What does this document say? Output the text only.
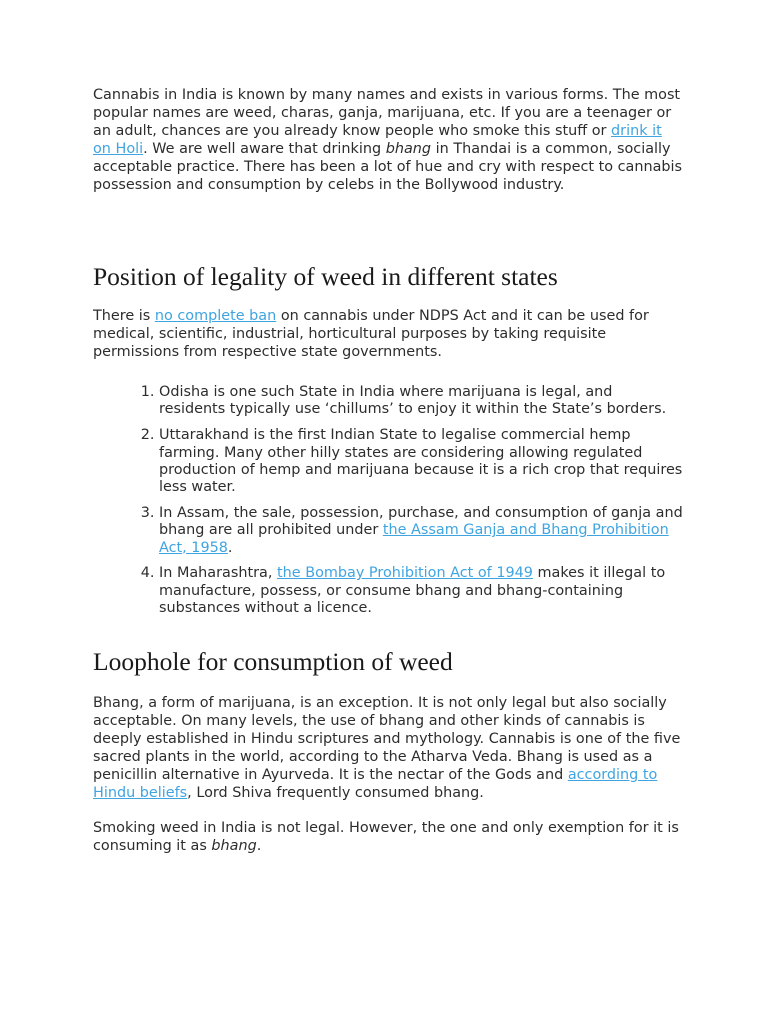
Cannabis in India is known by many names and exists in various forms. The most popular names are weed, charas, ganja, marijuana, etc. If you are a teenager or an adult, chances are you already know people who smoke this stuff or drink it on Holi. We are well aware that drinking bhang in Thandai is a common, socially acceptable practice. There has been a lot of hue and cry with respect to cannabis possession and consumption by celebs in the Bollywood industry.

Position of legality of weed in different states

There is no complete ban on cannabis under NDPS Act and it can be used for medical, scientific, industrial, horticultural purposes by taking requisite permissions from respective state governments.

1. Odisha is one such State in India where marijuana is legal, and residents typically use ‘chillums’ to enjoy it within the State’s borders.
2. Uttarakhand is the first Indian State to legalise commercial hemp farming. Many other hilly states are considering allowing regulated production of hemp and marijuana because it is a rich crop that requires less water.
3. In Assam, the sale, possession, purchase, and consumption of ganja and bhang are all prohibited under the Assam Ganja and Bhang Prohibition Act, 1958.
4. In Maharashtra, the Bombay Prohibition Act of 1949 makes it illegal to manufacture, possess, or consume bhang and bhang-containing substances without a licence.
Loophole for consumption of weed

Bhang, a form of marijuana, is an exception. It is not only legal but also socially acceptable. On many levels, the use of bhang and other kinds of cannabis is deeply established in Hindu scriptures and mythology. Cannabis is one of the five sacred plants in the world, according to the Atharva Veda. Bhang is used as a penicillin alternative in Ayurveda. It is the nectar of the Gods and according to Hindu beliefs, Lord Shiva frequently consumed bhang.

Smoking weed in India is not legal. However, the one and only exemption for it is consuming it as bhang.
